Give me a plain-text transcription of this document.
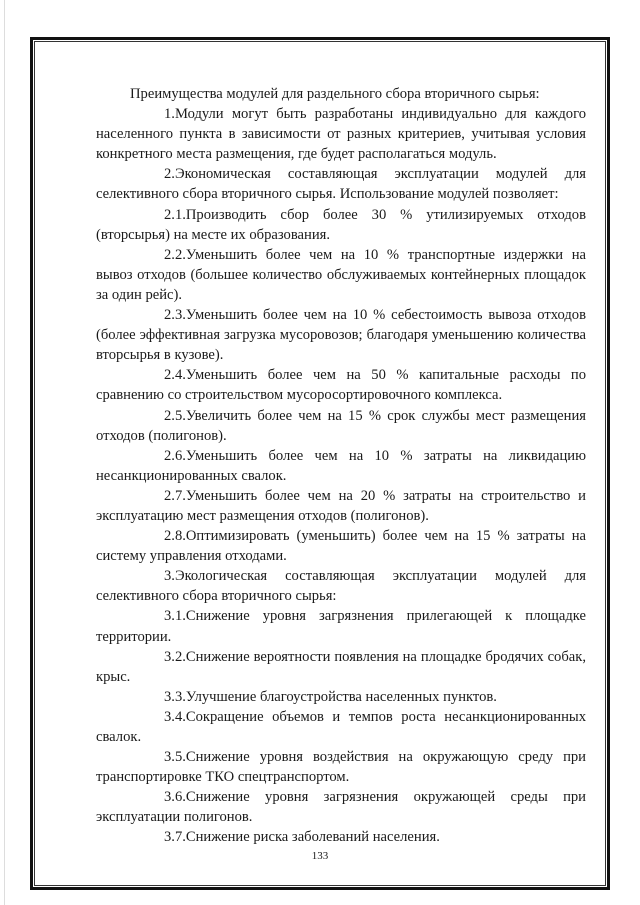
Преимущества модулей для раздельного сбора вторичного сырья:

1.Модули могут быть разработаны индивидуально для каждого населенного пункта в зависимости от разных критериев, учитывая условия конкретного места размещения, где будет располагаться модуль.

2.Экономическая составляющая эксплуатации модулей для селективного сбора вторичного сырья. Использование модулей позволяет:

2.1.Производить сбор более 30 % утилизируемых отходов (вторсырья) на месте их образования.

2.2.Уменьшить более чем на 10 % транспортные издержки на вывоз отходов (большее количество обслуживаемых контейнерных площадок за один рейс).

2.3.Уменьшить более чем на 10 % себестоимость вывоза отходов (более эффективная загрузка мусоровозов; благодаря уменьшению количества вторсырья в кузове).

2.4.Уменьшить более чем на 50 % капитальные расходы по сравнению со строительством мусоросортировочного комплекса.

2.5.Увеличить более чем на 15 % срок службы мест размещения отходов (полигонов).

2.6.Уменьшить более чем на 10 % затраты на ликвидацию несанкционированных свалок.

2.7.Уменьшить более чем на 20 % затраты на строительство и эксплуатацию мест размещения отходов (полигонов).

2.8.Оптимизировать (уменьшить) более чем на 15 % затраты на систему управления отходами.

3.Экологическая составляющая эксплуатации модулей для селективного сбора вторичного сырья:

3.1.Снижение уровня загрязнения прилегающей к площадке территории.

3.2.Снижение вероятности появления на площадке бродячих собак, крыс.

3.3.Улучшение благоустройства населенных пунктов.

3.4.Сокращение объемов и темпов роста несанкционированных свалок.

3.5.Снижение уровня воздействия на окружающую среду при транспортировке ТКО спецтранспортом.

3.6.Снижение уровня загрязнения окружающей среды при эксплуатации полигонов.

3.7.Снижение риска заболеваний населения.

133
